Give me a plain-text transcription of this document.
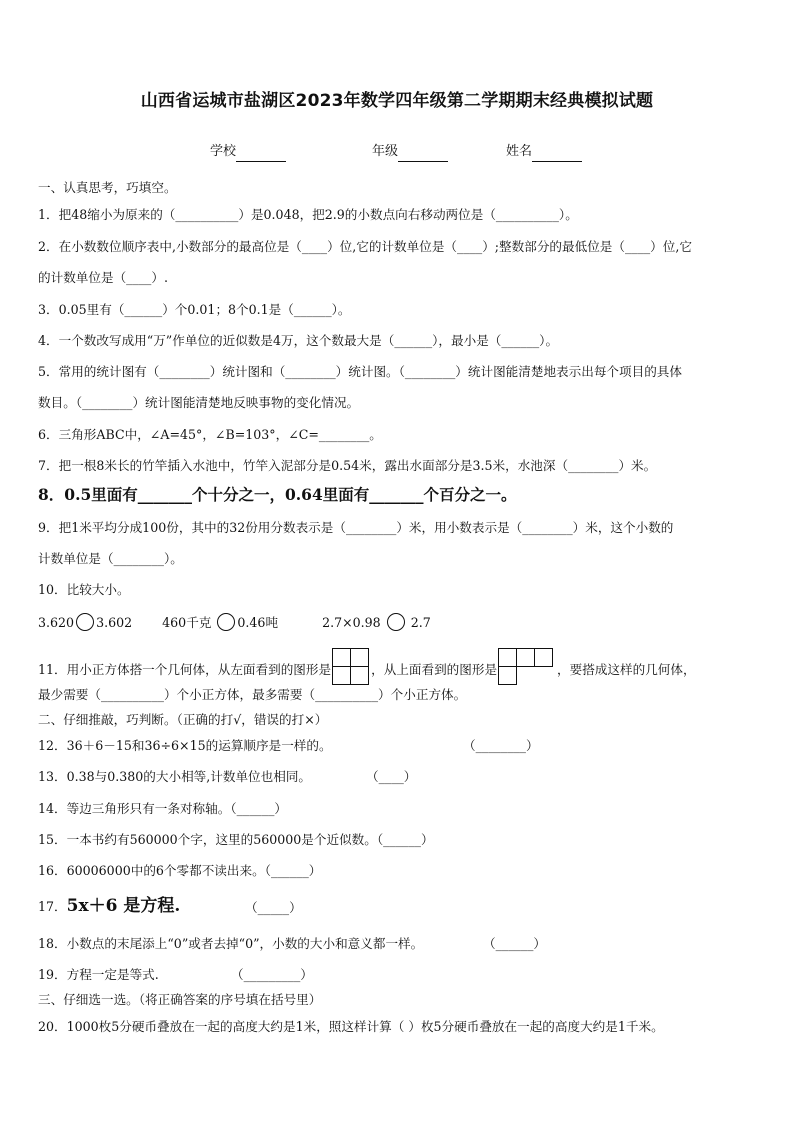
山西省运城市盐湖区2023年数学四年级第二学期期末经典模拟试题
学校	年级	姓名
一、认真思考，巧填空。
1．把48缩小为原来的（__________）是0.048，把2.9的小数点向右移动两位是（__________）。
2．在小数数位顺序表中,小数部分的最高位是（____）位,它的计数单位是（____）;整数部分的最低位是（____）位,它
的计数单位是（____）.
3．0.05里有（______）个0.01；8个0.1是（______）。
4．一个数改写成用“万”作单位的近似数是4万，这个数最大是（______），最小是（______）。
5．常用的统计图有（________）统计图和（________）统计图。（________）统计图能清楚地表示出每个项目的具体
数目。（________）统计图能清楚地反映事物的变化情况。
6．三角形ABC中，∠A=45°，∠B=103°，∠C=________。
7．把一根8米长的竹竿插入水池中，竹竿入泥部分是0.54米，露出水面部分是3.5米，水池深（________）米。
8．0.5里面有_______个十分之一，0.64里面有_______个百分之一。
9．把1米平均分成100份，其中的32份用分数表示是（________）米，用小数表示是（________）米，这个小数的
计数单位是（________）。
10．比较大小。
3.620 3.602 460千克 0.46吨	2.7×0.98 2.7
11．用小正方体搭一个几何体，从左面看到的图形是	，从上面看到的图形是	，要搭成这样的几何体，
最少需要（__________）个小正方体，最多需要（__________）个小正方体。
二、仔细推敲，巧判断。（正确的打√，错误的打×）
12．36＋6－15和36÷6×15的运算顺序是一样的。	（________）
13．0.38与0.380的大小相等,计数单位也相同。	（____）
14．等边三角形只有一条对称轴。（______）
15．一本书约有560000个字，这里的560000是个近似数。（______）
16．60006000中的6个零都不读出来。（______）
17．5x＋6 是方程.	（_____）
18．小数点的末尾添上“0”或者去掉“0”，小数的大小和意义都一样。	（______）
19．方程一定是等式.	（_________）
三、仔细选一选。（将正确答案的序号填在括号里）
20．1000枚5分硬币叠放在一起的高度大约是1米，照这样计算（ ）枚5分硬币叠放在一起的高度大约是1千米。
